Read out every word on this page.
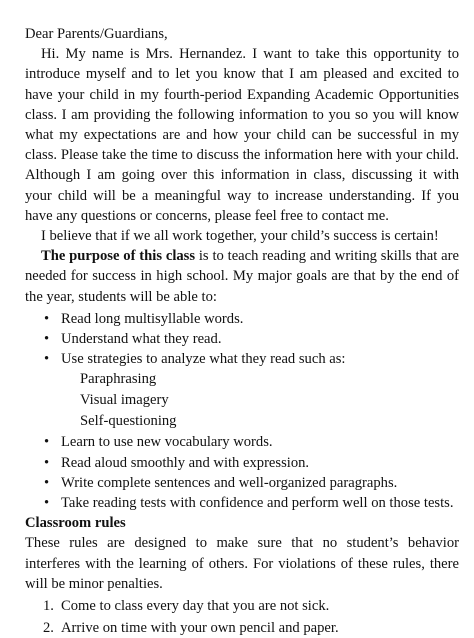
Dear Parents/Guardians,

Hi. My name is Mrs. Hernandez. I want to take this opportunity to introduce myself and to let you know that I am pleased and excited to have your child in my fourth-period Expanding Academic Opportunities class. I am providing the following information to you so you will know what my expectations are and how your child can be successful in my class. Please take the time to discuss the information here with your child. Although I am going over this information in class, discussing it with your child will be a meaningful way to increase understanding. If you have any questions or concerns, please feel free to contact me.

I believe that if we all work together, your child’s success is certain!

The purpose of this class is to teach reading and writing skills that are needed for success in high school. My major goals are that by the end of the year, students will be able to:

• Read long multisyllable words.
• Understand what they read.
• Use strategies to analyze what they read such as:
Paraphrasing
Visual imagery
Self-questioning
• Learn to use new vocabulary words.
• Read aloud smoothly and with expression.
• Write complete sentences and well-organized paragraphs.
• Take reading tests with confidence and perform well on those tests.

Classroom rules

These rules are designed to make sure that no student’s behavior interferes with the learning of others. For violations of these rules, there will be minor penalties.

1. Come to class every day that you are not sick.
2. Arrive on time with your own pencil and paper.
